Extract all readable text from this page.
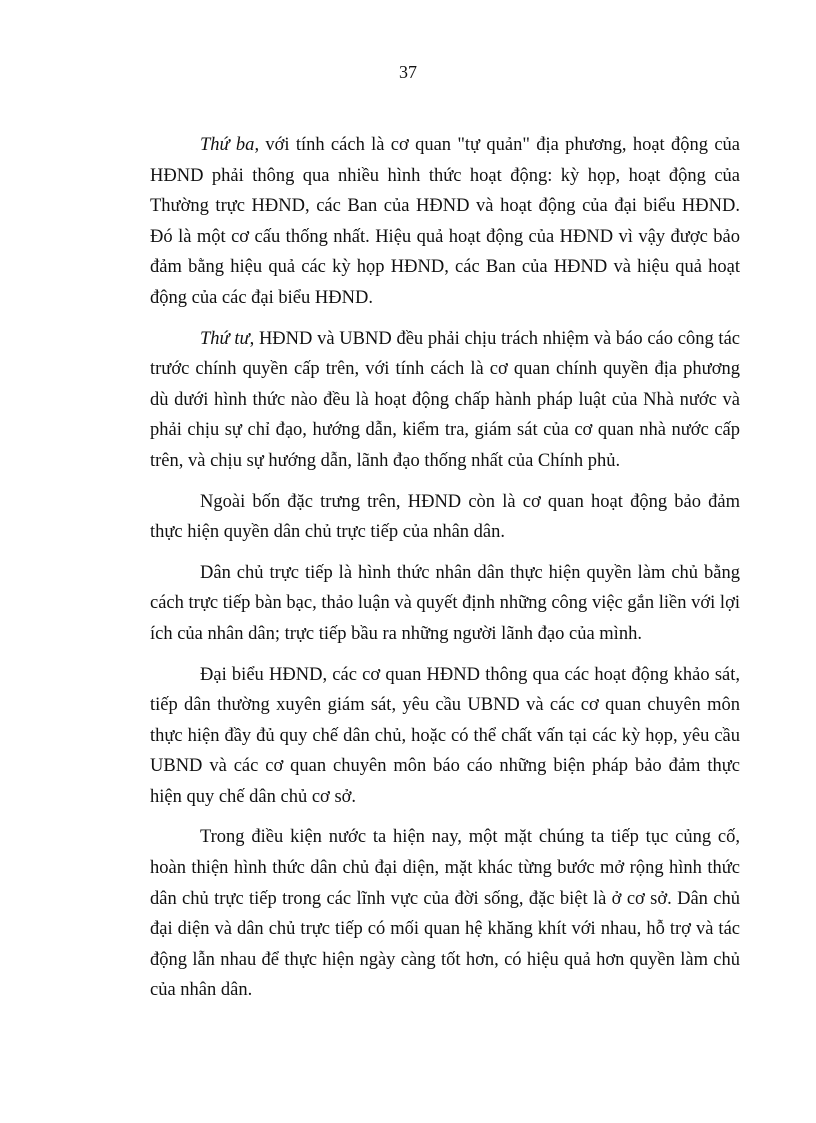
37

Thứ ba, với tính cách là cơ quan "tự quản" địa phương, hoạt động của HĐND phải thông qua nhiều hình thức hoạt động: kỳ họp, hoạt động của Thường trực HĐND, các Ban của HĐND và hoạt động của đại biểu HĐND. Đó là một cơ cấu thống nhất. Hiệu quả hoạt động của HĐND vì vậy được bảo đảm bằng hiệu quả các kỳ họp HĐND, các Ban của HĐND và hiệu quả hoạt động của các đại biểu HĐND.

Thứ tư, HĐND và UBND đều phải chịu trách nhiệm và báo cáo công tác trước chính quyền cấp trên, với tính cách là cơ quan chính quyền địa phương dù dưới hình thức nào đều là hoạt động chấp hành pháp luật của Nhà nước và phải chịu sự chỉ đạo, hướng dẫn, kiểm tra, giám sát của cơ quan nhà nước cấp trên, và chịu sự hướng dẫn, lãnh đạo thống nhất của Chính phủ.

Ngoài bốn đặc trưng trên, HĐND còn là cơ quan hoạt động bảo đảm thực hiện quyền dân chủ trực tiếp của nhân dân.

Dân chủ trực tiếp là hình thức nhân dân thực hiện quyền làm chủ bằng cách trực tiếp bàn bạc, thảo luận và quyết định những công việc gắn liền với lợi ích của nhân dân; trực tiếp bầu ra những người lãnh đạo của mình.

Đại biểu HĐND, các cơ quan HĐND thông qua các hoạt động khảo sát, tiếp dân thường xuyên giám sát, yêu cầu UBND và các cơ quan chuyên môn thực hiện đầy đủ quy chế dân chủ, hoặc có thể chất vấn tại các kỳ họp, yêu cầu UBND và các cơ quan chuyên môn báo cáo những biện pháp bảo đảm thực hiện quy chế dân chủ cơ sở.

Trong điều kiện nước ta hiện nay, một mặt chúng ta tiếp tục củng cố, hoàn thiện hình thức dân chủ đại diện, mặt khác từng bước mở rộng hình thức dân chủ trực tiếp trong các lĩnh vực của đời sống, đặc biệt là ở cơ sở. Dân chủ đại diện và dân chủ trực tiếp có mối quan hệ khăng khít với nhau, hỗ trợ và tác động lẫn nhau để thực hiện ngày càng tốt hơn, có hiệu quả hơn quyền làm chủ của nhân dân.
